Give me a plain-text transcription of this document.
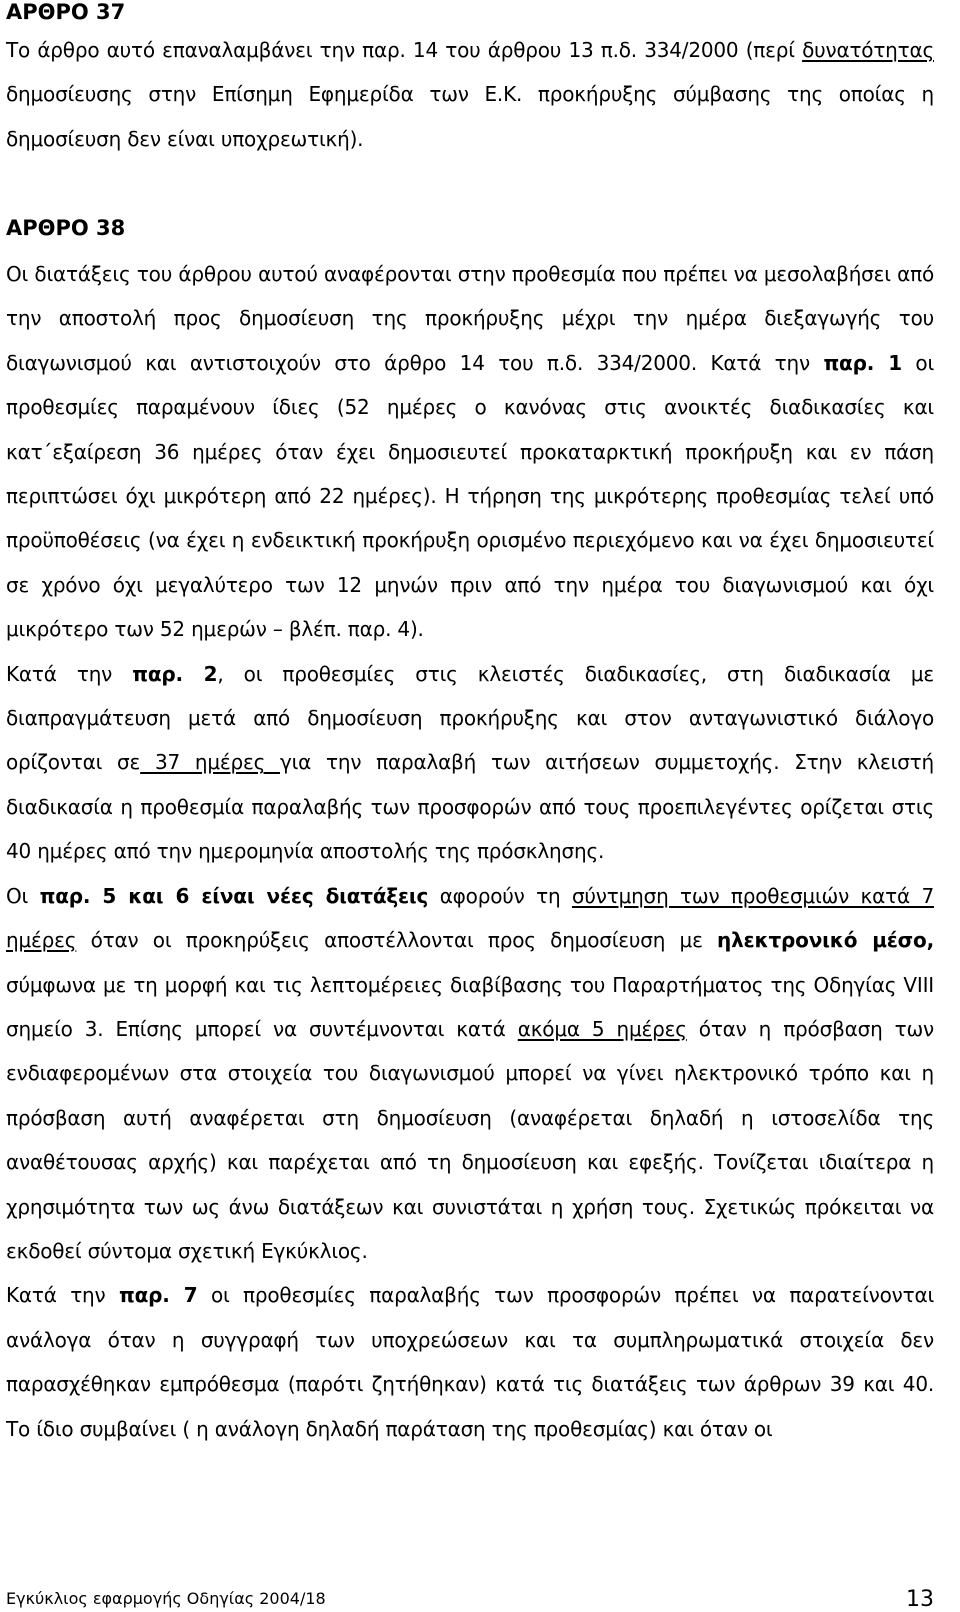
ΑΡΘΡΟ 37

Το άρθρο αυτό επαναλαμβάνει την παρ. 14 του άρθρου 13 π.δ. 334/2000 (περί δυνατότητας δημοσίευσης στην Επίσημη Εφημερίδα των Ε.Κ. προκήρυξης σύμβασης της οποίας η δημοσίευση δεν είναι υποχρεωτική).

ΑΡΘΡΟ 38

Οι διατάξεις του άρθρου αυτού αναφέρονται στην προθεσμία που πρέπει να μεσολαβήσει από την αποστολή προς δημοσίευση της προκήρυξης μέχρι την ημέρα διεξαγωγής του διαγωνισμού και αντιστοιχούν στο άρθρο 14 του π.δ. 334/2000. Κατά την παρ. 1 οι προθεσμίες παραμένουν ίδιες (52 ημέρες ο κανόνας στις ανοικτές διαδικασίες και κατ΄εξαίρεση 36 ημέρες όταν έχει δημοσιευτεί προκαταρκτική προκήρυξη και εν πάση περιπτώσει όχι μικρότερη από 22 ημέρες). Η τήρηση της μικρότερης προθεσμίας τελεί υπό προϋποθέσεις (να έχει η ενδεικτική προκήρυξη ορισμένο περιεχόμενο και να έχει δημοσιευτεί σε χρόνο όχι μεγαλύτερο των 12 μηνών πριν από την ημέρα του διαγωνισμού και όχι μικρότερο των 52 ημερών – βλέπ. παρ. 4).

Κατά την παρ. 2, οι προθεσμίες στις κλειστές διαδικασίες, στη διαδικασία με διαπραγμάτευση μετά από δημοσίευση προκήρυξης και στον ανταγωνιστικό διάλογο ορίζονται σε 37 ημέρες για την παραλαβή των αιτήσεων συμμετοχής. Στην κλειστή διαδικασία η προθεσμία παραλαβής των προσφορών από τους προεπιλεγέντες ορίζεται στις 40 ημέρες από την ημερομηνία αποστολής της πρόσκλησης.

Οι παρ. 5 και 6 είναι νέες διατάξεις αφορούν τη σύντμηση των προθεσμιών κατά 7 ημέρες όταν οι προκηρύξεις αποστέλλονται προς δημοσίευση με ηλεκτρονικό μέσο, σύμφωνα με τη μορφή και τις λεπτομέρειες διαβίβασης του Παραρτήματος της Οδηγίας VIII σημείο 3. Επίσης μπορεί να συντέμνονται κατά ακόμα 5 ημέρες όταν η πρόσβαση των ενδιαφερομένων στα στοιχεία του διαγωνισμού μπορεί να γίνει ηλεκτρονικό τρόπο και η πρόσβαση αυτή αναφέρεται στη δημοσίευση (αναφέρεται δηλαδή η ιστοσελίδα της αναθέτουσας αρχής) και παρέχεται από τη δημοσίευση και εφεξής. Τονίζεται ιδιαίτερα η χρησιμότητα των ως άνω διατάξεων και συνιστάται η χρήση τους. Σχετικώς πρόκειται να εκδοθεί σύντομα σχετική Εγκύκλιος.

Κατά την παρ. 7 οι προθεσμίες παραλαβής των προσφορών πρέπει να παρατείνονται ανάλογα όταν η συγγραφή των υποχρεώσεων και τα συμπληρωματικά στοιχεία δεν παρασχέθηκαν εμπρόθεσμα (παρότι ζητήθηκαν) κατά τις διατάξεις των άρθρων 39 και 40. Το ίδιο συμβαίνει ( η ανάλογη δηλαδή παράταση της προθεσμίας) και όταν οι

Εγκύκλιος εφαρμογής Οδηγίας 2004/18	13
